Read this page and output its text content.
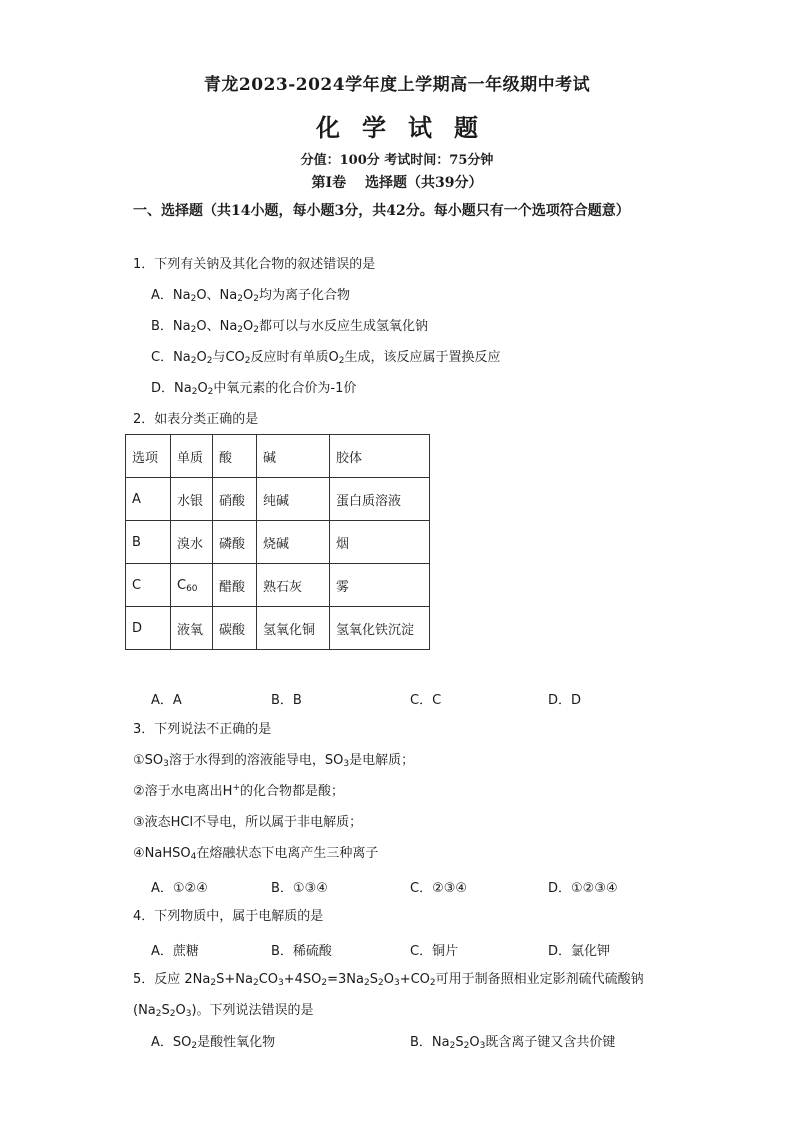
青龙2023-2024学年度上学期高一年级期中考试
化学试题
分值：100分 考试时间：75分钟
第I卷　 选择题（共39分）
一、选择题（共14小题，每小题3分，共42分。每小题只有一个选项符合题意）
1．下列有关钠及其化合物的叙述错误的是
A．$Na_2O$、$Na_2O_2$均为离子化合物
B．$Na_2O$、$Na_2O_2$都可以与水反应生成氢氧化钠
C．$Na_2O_2$与$CO_2$反应时有单质$O_2$生成，该反应属于置换反应
D．$Na_2O_2$中氧元素的化合价为-1价
2．如表分类正确的是
选项	单质	酸	碱	胶体
A	水银	硝酸	纯碱	蛋白质溶液
B	溴水	磷酸	烧碱	烟
C	$C_{60}$	醋酸	熟石灰	雾
D	液氧	碳酸	氢氧化铜	氢氧化铁沉淀
A．A	B．B	C．C	D．D
3．下列说法不正确的是
$①SO_3$溶于水得到的溶液能导电，$SO_3$是电解质；
②溶于水电离出H+的化合物都是酸；
③液态HCl不导电，所以属于非电解质；
④NaHSO$_4$在熔融状态下电离产生三种离子
A．①②④	B．①③④	C．②③④	D．①②③④
4．下列物质中，属于电解质的是
A．蔗糖	B．稀硫酸	C．铜片	D．氯化钾
5．反应 $2Na_2S+Na_2CO_3+4SO_2=3Na_2S_2O_3+CO_2$可用于制备照相业定影剂硫代硫酸钠
$(Na_2S_2O_3)$。下列说法错误的是
A．$SO_2$是酸性氧化物	B．$Na_2S_2O_3$既含离子键又含共价键
